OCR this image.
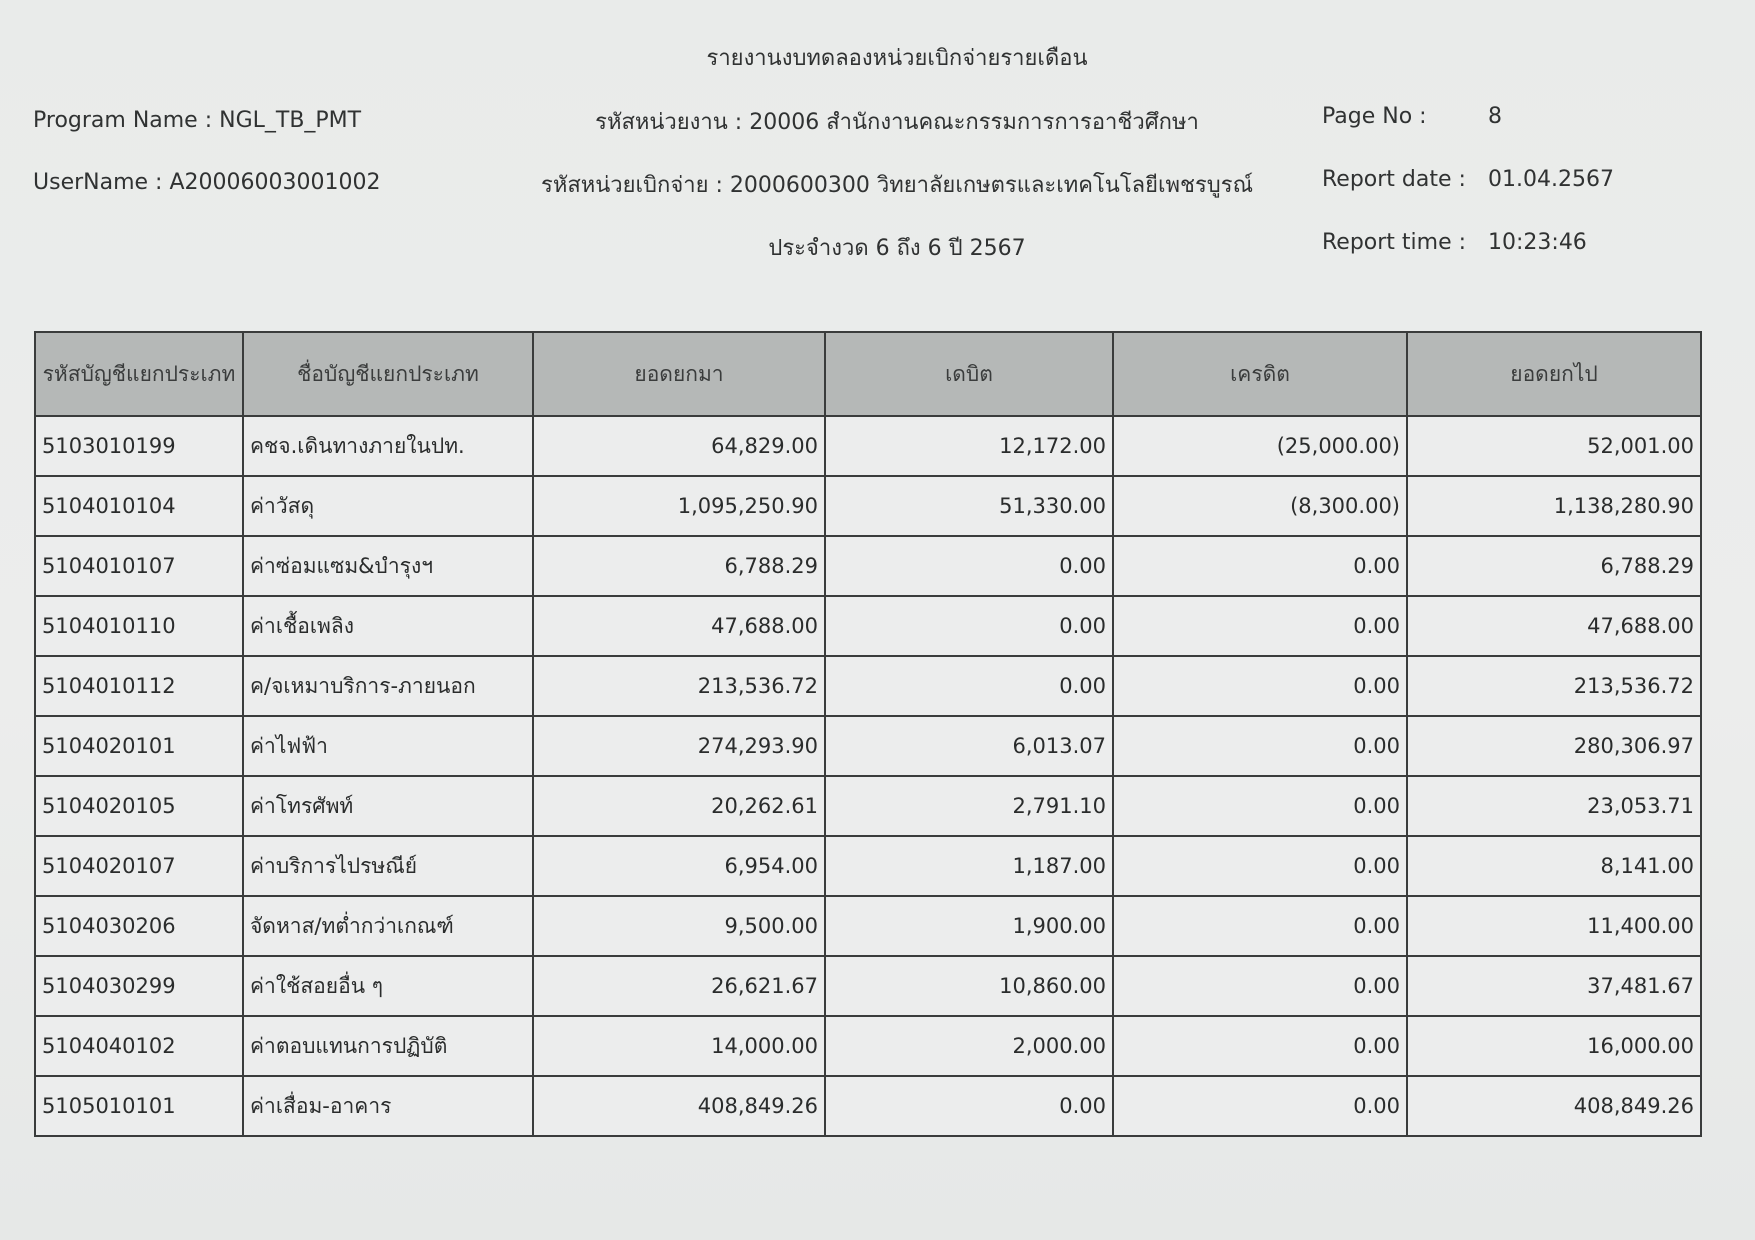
รายงานงบทดลองหน่วยเบิกจ่ายรายเดือน
Program Name : NGL_TB_PMT	รหัสหน่วยงาน : 20006 สำนักงานคณะกรรมการการอาชีวศึกษา	Page No :	8
UserName : A20006003001002	รหัสหน่วยเบิกจ่าย : 2000600300 วิทยาลัยเกษตรและเทคโนโลยีเพชรบูรณ์	Report date : 01.04.2567
ประจำงวด 6 ถึง 6 ปี 2567	Report time : 10:23:46
รหัสบัญชีแยกประเภท	ชื่อบัญชีแยกประเภท	ยอดยกมา	เดบิต	เครดิต	ยอดยกไป
5103010199	คชจ.เดินทางภายในปท.	64,829.00	12,172.00	(25,000.00)	52,001.00
5104010104	ค่าวัสดุ	1,095,250.90	51,330.00	(8,300.00)	1,138,280.90
5104010107	ค่าซ่อมแซม&บำรุงฯ	6,788.29	0.00	0.00	6,788.29
5104010110	ค่าเชื้อเพลิง	47,688.00	0.00	0.00	47,688.00
5104010112	ค/จเหมาบริการ-ภายนอก	213,536.72	0.00	0.00	213,536.72
5104020101	ค่าไฟฟ้า	274,293.90	6,013.07	0.00	280,306.97
5104020105	ค่าโทรศัพท์	20,262.61	2,791.10	0.00	23,053.71
5104020107	ค่าบริการไปรษณีย์	6,954.00	1,187.00	0.00	8,141.00
5104030206	จัดหาส/ทต่ำกว่าเกณฑ์	9,500.00	1,900.00	0.00	11,400.00
5104030299	ค่าใช้สอยอื่น ๆ	26,621.67	10,860.00	0.00	37,481.67
5104040102	ค่าตอบแทนการปฏิบัติ	14,000.00	2,000.00	0.00	16,000.00
5105010101	ค่าเสื่อม-อาคาร	408,849.26	0.00	0.00	408,849.26
